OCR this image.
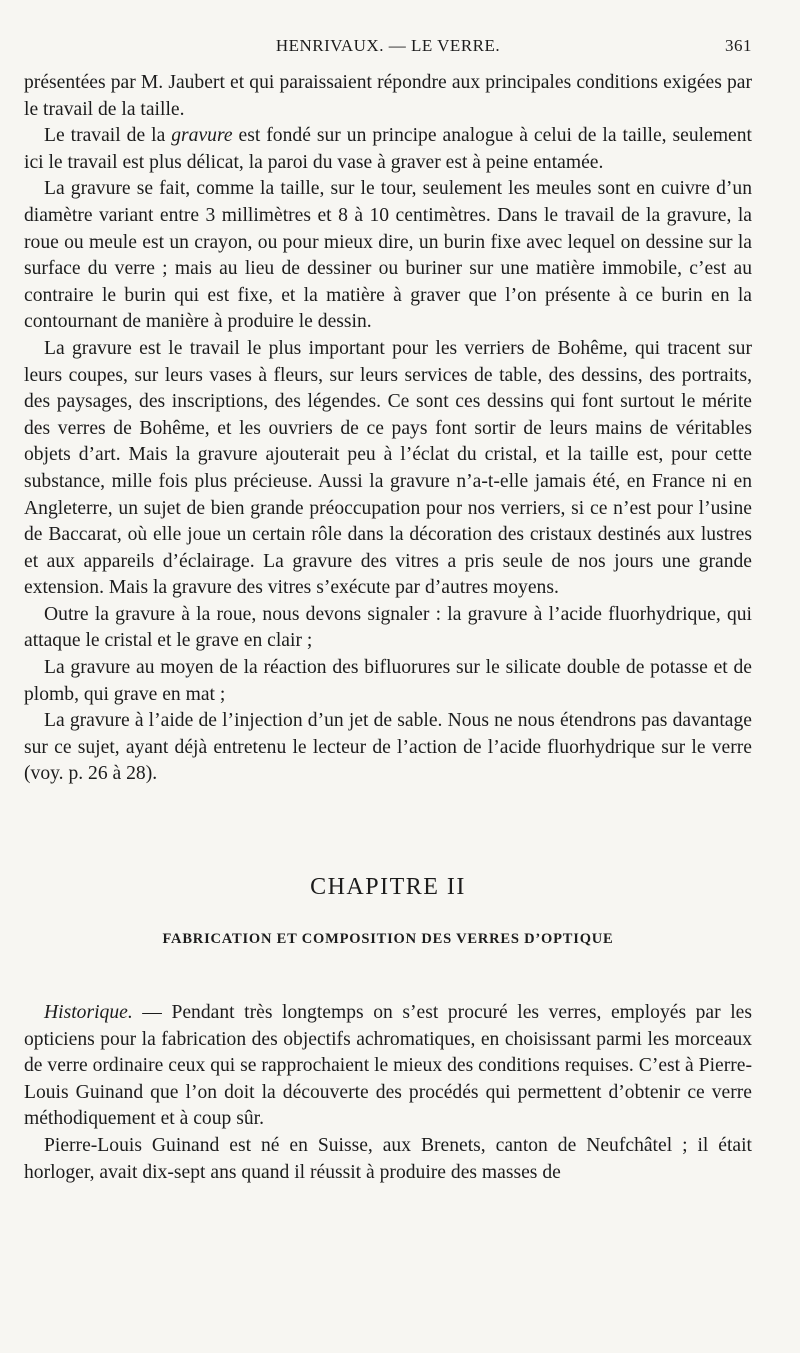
HENRIVAUX. — LE VERRE.	361

présentées par M. Jaubert et qui paraissaient répondre aux principales conditions exigées par le travail de la taille.

Le travail de la gravure est fondé sur un principe analogue à celui de la taille, seulement ici le travail est plus délicat, la paroi du vase à graver est à peine entamée.

La gravure se fait, comme la taille, sur le tour, seulement les meules sont en cuivre d’un diamètre variant entre 3 millimètres et 8 à 10 centimètres. Dans le travail de la gravure, la roue ou meule est un crayon, ou pour mieux dire, un burin fixe avec lequel on dessine sur la surface du verre ; mais au lieu de dessiner ou buriner sur une matière immobile, c’est au contraire le burin qui est fixe, et la matière à graver que l’on présente à ce burin en la contournant de manière à produire le dessin.

La gravure est le travail le plus important pour les verriers de Bohême, qui tracent sur leurs coupes, sur leurs vases à fleurs, sur leurs services de table, des dessins, des portraits, des paysages, des inscriptions, des légendes. Ce sont ces dessins qui font surtout le mérite des verres de Bohême, et les ouvriers de ce pays font sortir de leurs mains de véritables objets d’art. Mais la gravure ajouterait peu à l’éclat du cristal, et la taille est, pour cette substance, mille fois plus précieuse. Aussi la gravure n’a-t-elle jamais été, en France ni en Angleterre, un sujet de bien grande préoccupation pour nos verriers, si ce n’est pour l’usine de Baccarat, où elle joue un certain rôle dans la décoration des cristaux destinés aux lustres et aux appareils d’éclairage. La gravure des vitres a pris seule de nos jours une grande extension. Mais la gravure des vitres s’exécute par d’autres moyens.

Outre la gravure à la roue, nous devons signaler : la gravure à l’acide fluorhydrique, qui attaque le cristal et le grave en clair ;

La gravure au moyen de la réaction des bifluorures sur le silicate double de potasse et de plomb, qui grave en mat ;

La gravure à l’aide de l’injection d’un jet de sable. Nous ne nous étendrons pas davantage sur ce sujet, ayant déjà entretenu le lecteur de l’action de l’acide fluorhydrique sur le verre (voy. p. 26 à 28).

CHAPITRE II
FABRICATION ET COMPOSITION DES VERRES D’OPTIQUE

Historique. — Pendant très longtemps on s’est procuré les verres, employés par les opticiens pour la fabrication des objectifs achromatiques, en choisissant parmi les morceaux de verre ordinaire ceux qui se rapprochaient le mieux des conditions requises. C’est à Pierre-Louis Guinand que l’on doit la découverte des procédés qui permettent d’obtenir ce verre méthodiquement et à coup sûr.

Pierre-Louis Guinand est né en Suisse, aux Brenets, canton de Neufchâtel ; il était horloger, avait dix-sept ans quand il réussit à produire des masses de
